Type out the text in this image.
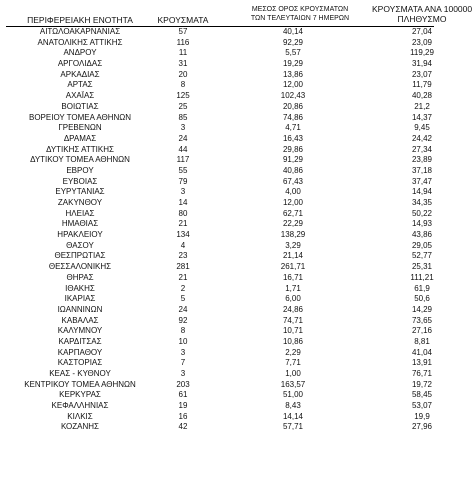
ΠΕΡΙΦΕΡΕΙΑΚΗ ΕΝΟΤΗΤΑ	ΚΡΟΥΣΜΑΤΑ
ΜΕΣΟΣ ΟΡΟΣ ΚΡΟΥΣΜΑΤΩΝ
ΤΩΝ ΤΕΛΕΥΤΑΙΩΝ 7 ΗΜΕΡΩΝ
ΚΡΟΥΣΜΑΤΑ ΑΝΑ 100000
ΠΛΗΘΥΣΜΟ
ΑΙΤΩΛΟΑΚΑΡΝΑΝΙΑΣ	57	40,14	27,04
ΑΝΑΤΟΛΙΚΗΣ ΑΤΤΙΚΗΣ	116	92,29	23,09
ΑΝΔΡΟΥ	11	5,57	119,29
ΑΡΓΟΛΙΔΑΣ	31	19,29	31,94
ΑΡΚΑΔΙΑΣ	20	13,86	23,07
ΑΡΤΑΣ	8	12,00	11,79
ΑΧΑΪΑΣ	125	102,43	40,28
ΒΟΙΩΤΙΑΣ	25	20,86	21,2
ΒΟΡΕΙΟΥ ΤΟΜΕΑ ΑΘΗΝΩΝ	85	74,86	14,37
ΓΡΕΒΕΝΩΝ	3	4,71	9,45
ΔΡΑΜΑΣ	24	16,43	24,42
ΔΥΤΙΚΗΣ ΑΤΤΙΚΗΣ	44	29,86	27,34
ΔΥΤΙΚΟΥ ΤΟΜΕΑ ΑΘΗΝΩΝ	117	91,29	23,89
ΕΒΡΟΥ	55	40,86	37,18
ΕΥΒΟΙΑΣ	79	67,43	37,47
ΕΥΡΥΤΑΝΙΑΣ	3	4,00	14,94
ΖΑΚΥΝΘΟΥ	14	12,00	34,35
ΗΛΕΙΑΣ	80	62,71	50,22
ΗΜΑΘΙΑΣ	21	22,29	14,93
ΗΡΑΚΛΕΙΟΥ	134	138,29	43,86
ΘΑΣΟΥ	4	3,29	29,05
ΘΕΣΠΡΩΤΙΑΣ	23	21,14	52,77
ΘΕΣΣΑΛΟΝΙΚΗΣ	281	261,71	25,31
ΘΗΡΑΣ	21	16,71	111,21
ΙΘΑΚΗΣ	2	1,71	61,9
ΙΚΑΡΙΑΣ	5	6,00	50,6
ΙΩΑΝΝΙΝΩΝ	24	24,86	14,29
ΚΑΒΑΛΑΣ	92	74,71	73,65
ΚΑΛΥΜΝΟΥ	8	10,71	27,16
ΚΑΡΔΙΤΣΑΣ	10	10,86	8,81
ΚΑΡΠΑΘΟΥ	3	2,29	41,04
ΚΑΣΤΟΡΙΑΣ	7	7,71	13,91
ΚΕΑΣ - ΚΥΘΝΟΥ	3	1,00	76,71
ΚΕΝΤΡΙΚΟΥ ΤΟΜΕΑ ΑΘΗΝΩΝ	203	163,57	19,72
ΚΕΡΚΥΡΑΣ	61	51,00	58,45
ΚΕΦΑΛΛΗΝΙΑΣ	19	8,43	53,07
ΚΙΛΚΙΣ	16	14,14	19,9
ΚΟΖΑΝΗΣ	42	57,71	27,96
